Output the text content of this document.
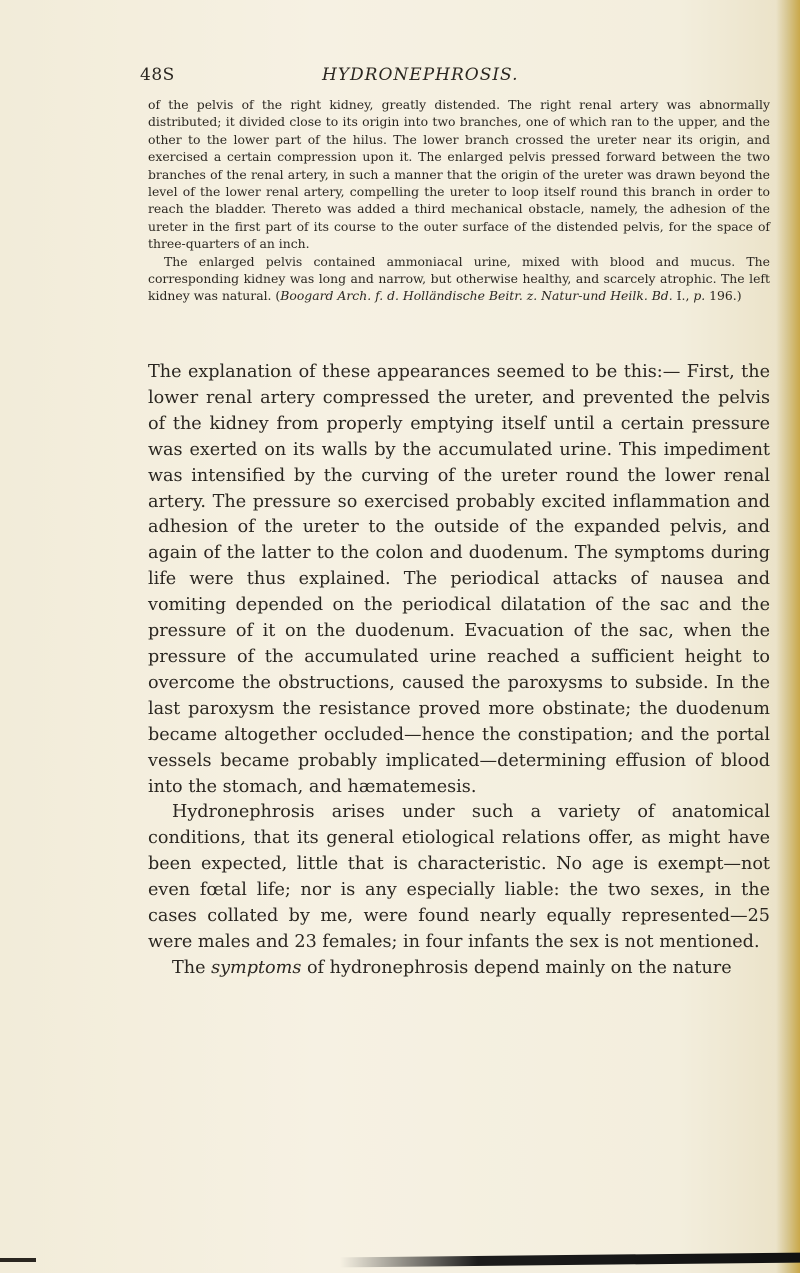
48S	HYDRONEPHROSIS.

of the pelvis of the right kidney, greatly distended. The right renal artery was abnormally distributed; it divided close to its origin into two branches, one of which ran to the upper, and the other to the lower part of the hilus. The lower branch crossed the ureter near its origin, and exercised a certain compression upon it. The enlarged pelvis pressed forward between the two branches of the renal artery, in such a manner that the origin of the ureter was drawn beyond the level of the lower renal artery, compelling the ureter to loop itself round this branch in order to reach the bladder. Thereto was added a third mechanical obstacle, namely, the adhesion of the ureter in the first part of its course to the outer surface of the distended pelvis, for the space of three-quarters of an inch.

The enlarged pelvis contained ammoniacal urine, mixed with blood and mucus. The corresponding kidney was long and narrow, but otherwise healthy, and scarcely atrophic. The left kidney was natural. (Boogard Arch. f. d. Holländische Beitr. z. Natur-und Heilk. Bd. I., p. 196.)

The explanation of these appearances seemed to be this:— First, the lower renal artery compressed the ureter, and prevented the pelvis of the kidney from properly emptying itself until a certain pressure was exerted on its walls by the accumulated urine. This impediment was intensified by the curving of the ureter round the lower renal artery. The pressure so exercised probably excited inflammation and adhesion of the ureter to the outside of the expanded pelvis, and again of the latter to the colon and duodenum. The symptoms during life were thus explained. The periodical attacks of nausea and vomiting depended on the periodical dilatation of the sac and the pressure of it on the duodenum. Evacuation of the sac, when the pressure of the accumulated urine reached a sufficient height to overcome the obstructions, caused the paroxysms to subside. In the last paroxysm the resistance proved more obstinate; the duodenum became altogether occluded—hence the constipation; and the portal vessels became probably implicated—determining effusion of blood into the stomach, and hæmatemesis.

Hydronephrosis arises under such a variety of anatomical conditions, that its general etiological relations offer, as might have been expected, little that is characteristic. No age is exempt—not even fœtal life; nor is any especially liable: the two sexes, in the cases collated by me, were found nearly equally represented—25 were males and 23 females; in four infants the sex is not mentioned.

The symptoms of hydronephrosis depend mainly on the nature
